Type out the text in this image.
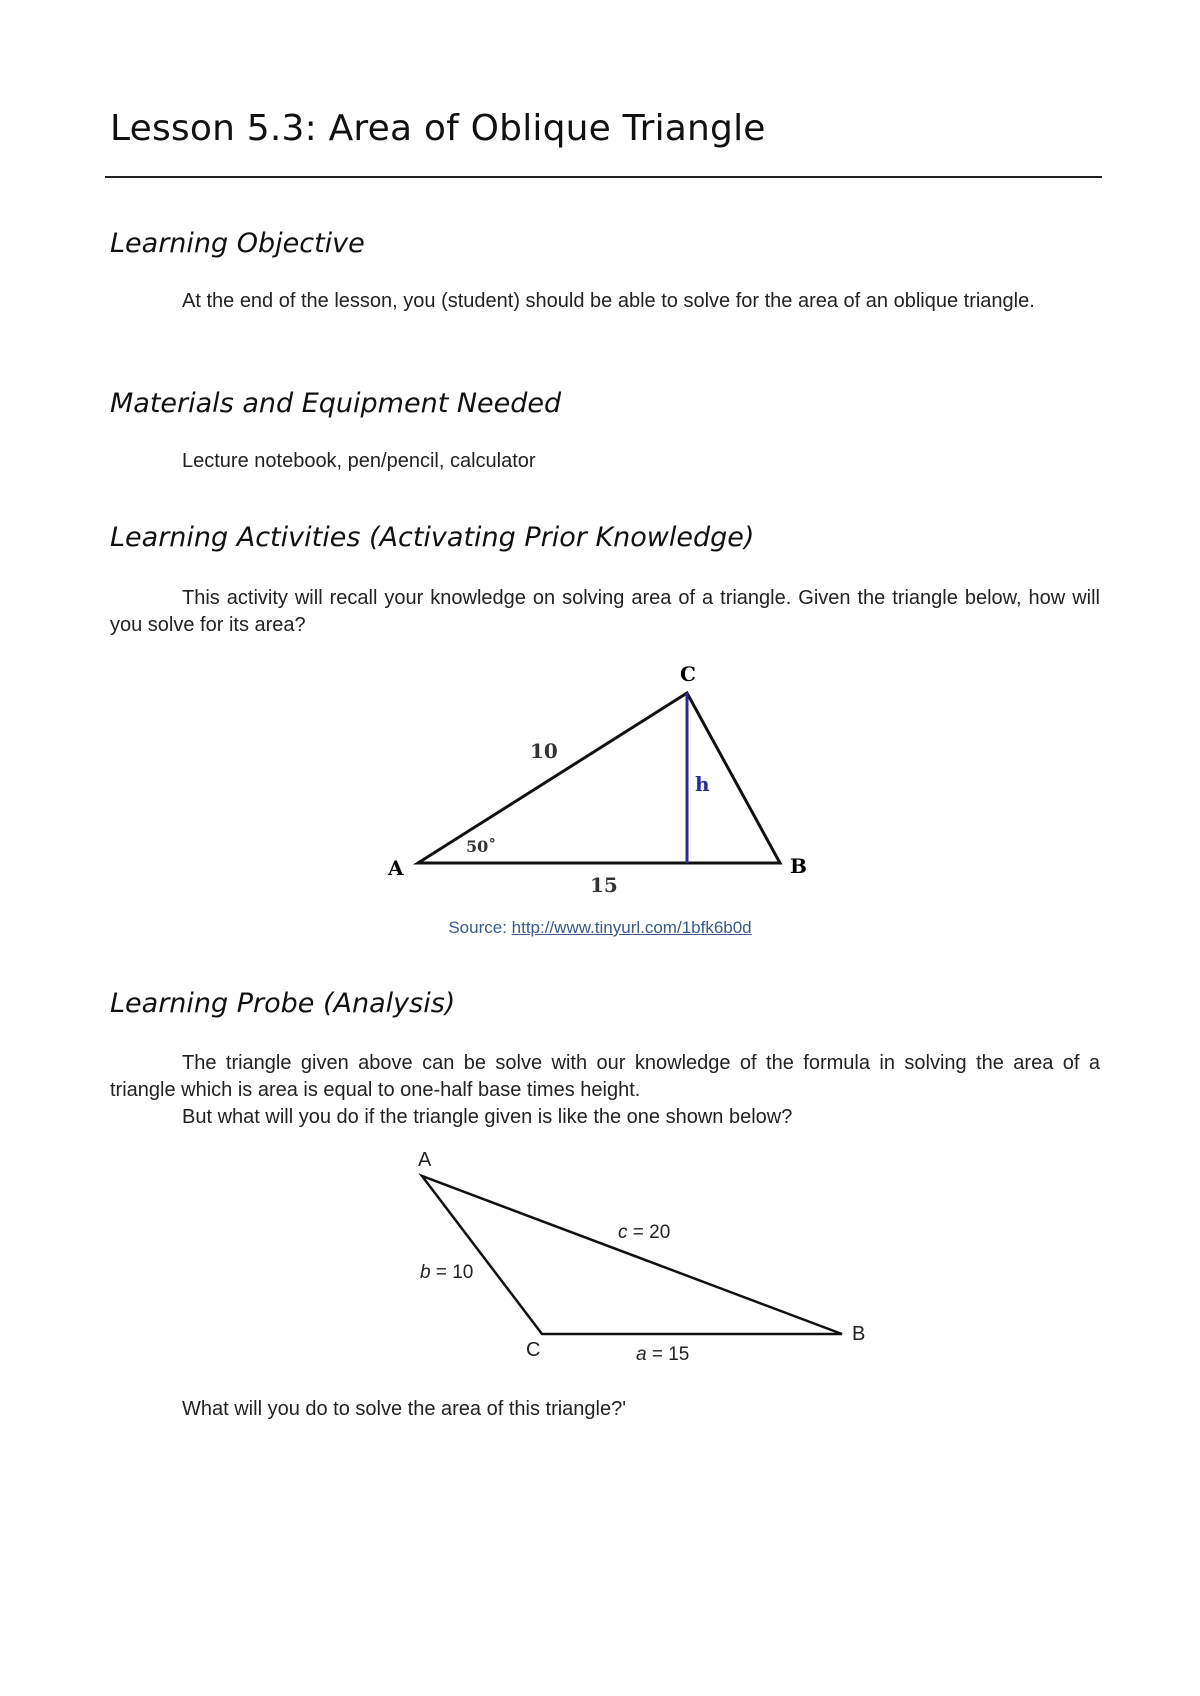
Lesson 5.3: Area of Oblique Triangle
Learning Objective

At the end of the lesson, you (student) should be able to solve for the area of an oblique triangle.

Materials and Equipment Needed
Lecture notebook, pen/pencil, calculator
Learning Activities (Activating Prior Knowledge)

This activity will recall your knowledge on solving area of a triangle. Given the triangle below, how will you solve for its area?

C
A	B
10
15
h
50˚

Source: http://www.tinyurl.com/1bfk6b0d

Learning Probe (Analysis)

The triangle given above can be solve with our knowledge of the formula in solving the area of a triangle which is area is equal to one-half base times height.

But what will you do if the triangle given is like the one shown below?

A
C
B
c = 20
b = 10
a = 15

What will you do to solve the area of this triangle?'
